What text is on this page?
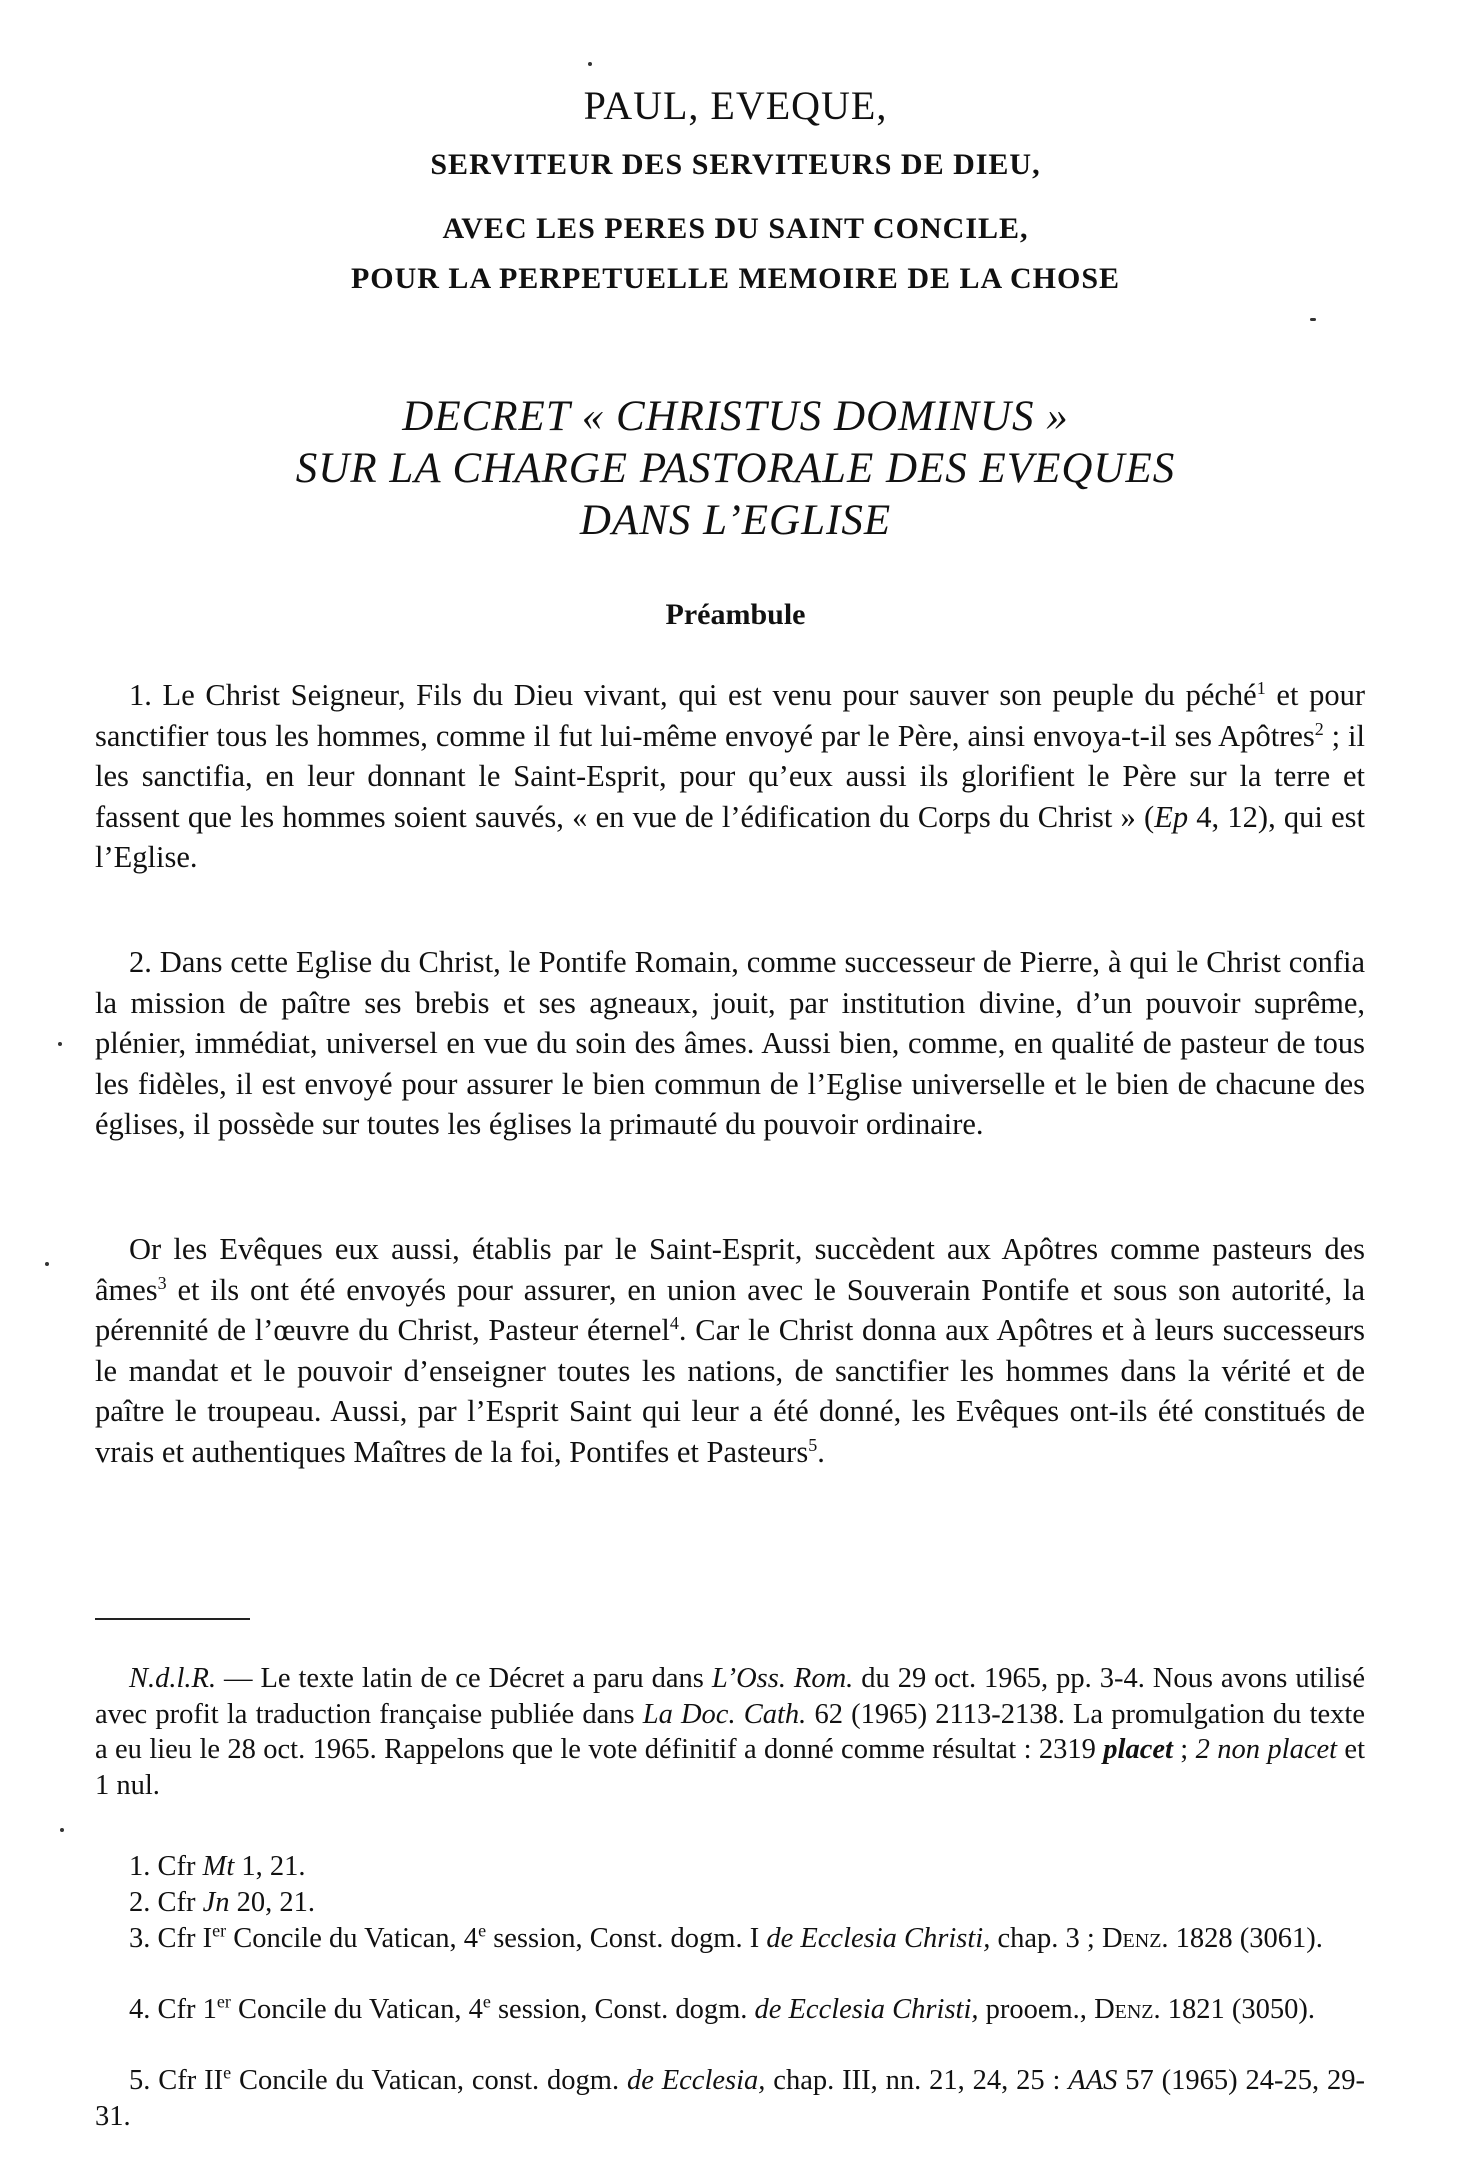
PAUL, EVEQUE,
SERVITEUR DES SERVITEURS DE DIEU,
AVEC LES PERES DU SAINT CONCILE,
POUR LA PERPETUELLE MEMOIRE DE LA CHOSE
DECRET « CHRISTUS DOMINUS »
SUR LA CHARGE PASTORALE DES EVEQUES
DANS L’EGLISE
Préambule

1. Le Christ Seigneur, Fils du Dieu vivant, qui est venu pour sauver son peuple du péché$^1$ et pour sanctifier tous les hommes, comme il fut lui-même envoyé par le Père, ainsi envoya-t-il ses Apôtres$^2$ ; il les sanctifia, en leur donnant le Saint-Esprit, pour qu’eux aussi ils glorifient le Père sur la terre et fassent que les hommes soient sauvés, « en vue de l’édification du Corps du Christ » (Ep 4, 12), qui est l’Eglise.

2. Dans cette Eglise du Christ, le Pontife Romain, comme successeur de Pierre, à qui le Christ confia la mission de paître ses brebis et ses agneaux, jouit, par institution divine, d’un pouvoir suprême, plénier, immédiat, universel en vue du soin des âmes. Aussi bien, comme, en qualité de pasteur de tous les fidèles, il est envoyé pour assurer le bien commun de l’Eglise universelle et le bien de chacune des églises, il possède sur toutes les églises la primauté du pouvoir ordinaire.

Or les Evêques eux aussi, établis par le Saint-Esprit, succèdent aux Apôtres comme pasteurs des âmes$^3$ et ils ont été envoyés pour assurer, en union avec le Souverain Pontife et sous son autorité, la pérennité de l’œuvre du Christ, Pasteur éternel$^4$. Car le Christ donna aux Apôtres et à leurs successeurs le mandat et le pouvoir d’enseigner toutes les nations, de sanctifier les hommes dans la vérité et de paître le troupeau. Aussi, par l’Esprit Saint qui leur a été donné, les Evêques ont-ils été constitués de vrais et authentiques Maîtres de la foi, Pontifes et Pasteurs$^5$.

N.d.l.R. — Le texte latin de ce Décret a paru dans L’Oss. Rom. du 29 oct. 1965, pp. 3-4. Nous avons utilisé avec profit la traduction française publiée dans La Doc. Cath. 62 (1965) 2113-2138. La promulgation du texte a eu lieu le 28 oct. 1965. Rappelons que le vote définitif a donné comme résultat : 2319 placet ; 2 non placet et 1 nul.

1. Cfr Mt 1, 21.

2. Cfr Jn 20, 21.

3. Cfr Ier Concile du Vatican, 4e session, Const. dogm. I de Ecclesia Christi, chap. 3 ; Denz. 1828 (3061).

4. Cfr 1er Concile du Vatican, 4e session, Const. dogm. de Ecclesia Christi, prooem., Denz. 1821 (3050).

5. Cfr IIe Concile du Vatican, const. dogm. de Ecclesia, chap. III, nn. 21, 24, 25 : AAS 57 (1965) 24-25, 29-31.
